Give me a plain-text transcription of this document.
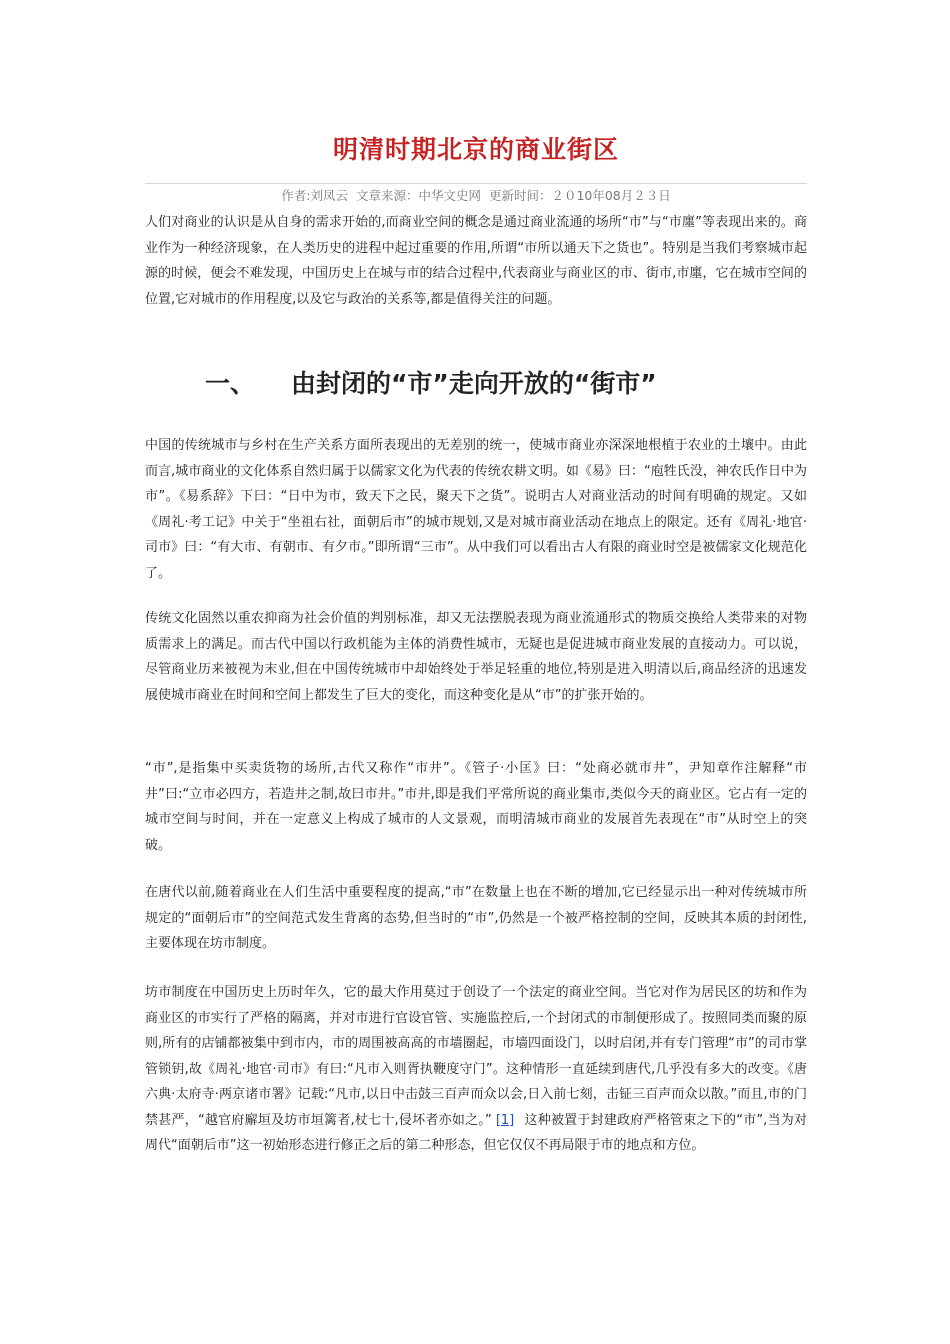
明清时期北京的商业街区
作者:刘凤云 文章来源：中华文史网 更新时间：２０10年08月２３日

人们对商业的认识是从自身的需求开始的,而商业空间的概念是通过商业流通的场所“市”与“市廛”等表现出来的。商业作为一种经济现象，在人类历史的进程中起过重要的作用,所谓“市所以通天下之货也”。特别是当我们考察城市起源的时候，便会不难发现，中国历史上在城与市的结合过程中,代表商业与商业区的市、街市,市廛，它在城市空间的位置,它对城市的作用程度,以及它与政治的关系等,都是值得关注的问题。

一、 由封闭的“市”走向开放的“街市”

中国的传统城市与乡村在生产关系方面所表现出的无差别的统一，使城市商业亦深深地根植于农业的土壤中。由此而言,城市商业的文化体系自然归属于以儒家文化为代表的传统农耕文明。如《易》曰：“庖牲氏没，神农氏作日中为市”。《易系辞》下曰：“日中为市，致天下之民，聚天下之货”。说明古人对商业活动的时间有明确的规定。又如《周礼·考工记》中关于“坐祖右社，面朝后市”的城市规划,又是对城市商业活动在地点上的限定。还有《周礼·地官·司市》曰：“有大市、有朝市、有夕市。”即所谓“三市”。从中我们可以看出古人有限的商业时空是被儒家文化规范化了。

传统文化固然以重农抑商为社会价值的判别标准，却又无法摆脱表现为商业流通形式的物质交换给人类带来的对物质需求上的满足。而古代中国以行政机能为主体的消费性城市，无疑也是促进城市商业发展的直接动力。可以说，尽管商业历来被视为末业,但在中国传统城市中却始终处于举足轻重的地位,特别是进入明清以后,商品经济的迅速发展使城市商业在时间和空间上都发生了巨大的变化，而这种变化是从“市”的扩张开始的。

“市”,是指集中买卖货物的场所,古代又称作“市井”。《管子·小匡》曰：“处商必就市井”，尹知章作注解释“市井”曰:“立市必四方，若造井之制,故曰市井。”市井,即是我们平常所说的商业集市,类似今天的商业区。它占有一定的城市空间与时间，并在一定意义上构成了城市的人文景观，而明清城市商业的发展首先表现在“市”从时空上的突破。

在唐代以前,随着商业在人们生活中重要程度的提高,“市”在数量上也在不断的增加,它已经显示出一种对传统城市所规定的“面朝后市”的空间范式发生背离的态势,但当时的“市”,仍然是一个被严格控制的空间，反映其本质的封闭性,主要体现在坊市制度。

坊市制度在中国历史上历时年久，它的最大作用莫过于创设了一个法定的商业空间。当它对作为居民区的坊和作为商业区的市实行了严格的隔离，并对市进行官设官管、实施监控后,一个封闭式的市制便形成了。按照同类而聚的原则,所有的店铺都被集中到市内，市的周围被高高的市墙圈起，市墙四面设门，以时启闭,并有专门管理“市”的司市掌管锁钥,故《周礼·地官·司市》有曰:“凡市入则胥执鞭度守门”。这种情形一直延续到唐代,几乎没有多大的改变。《唐六典·太府寺·两京诸市署》记载:“凡市,以日中击鼓三百声而众以会,日入前七刻，击钲三百声而众以散。”而且,市的门禁甚严，“越官府廨垣及坊市垣篱者,杖七十,侵坏者亦如之。” [1] 这种被置于封建政府严格管束之下的“市”,当为对周代“面朝后市”这一初始形态进行修正之后的第二种形态，但它仅仅不再局限于市的地点和方位。
